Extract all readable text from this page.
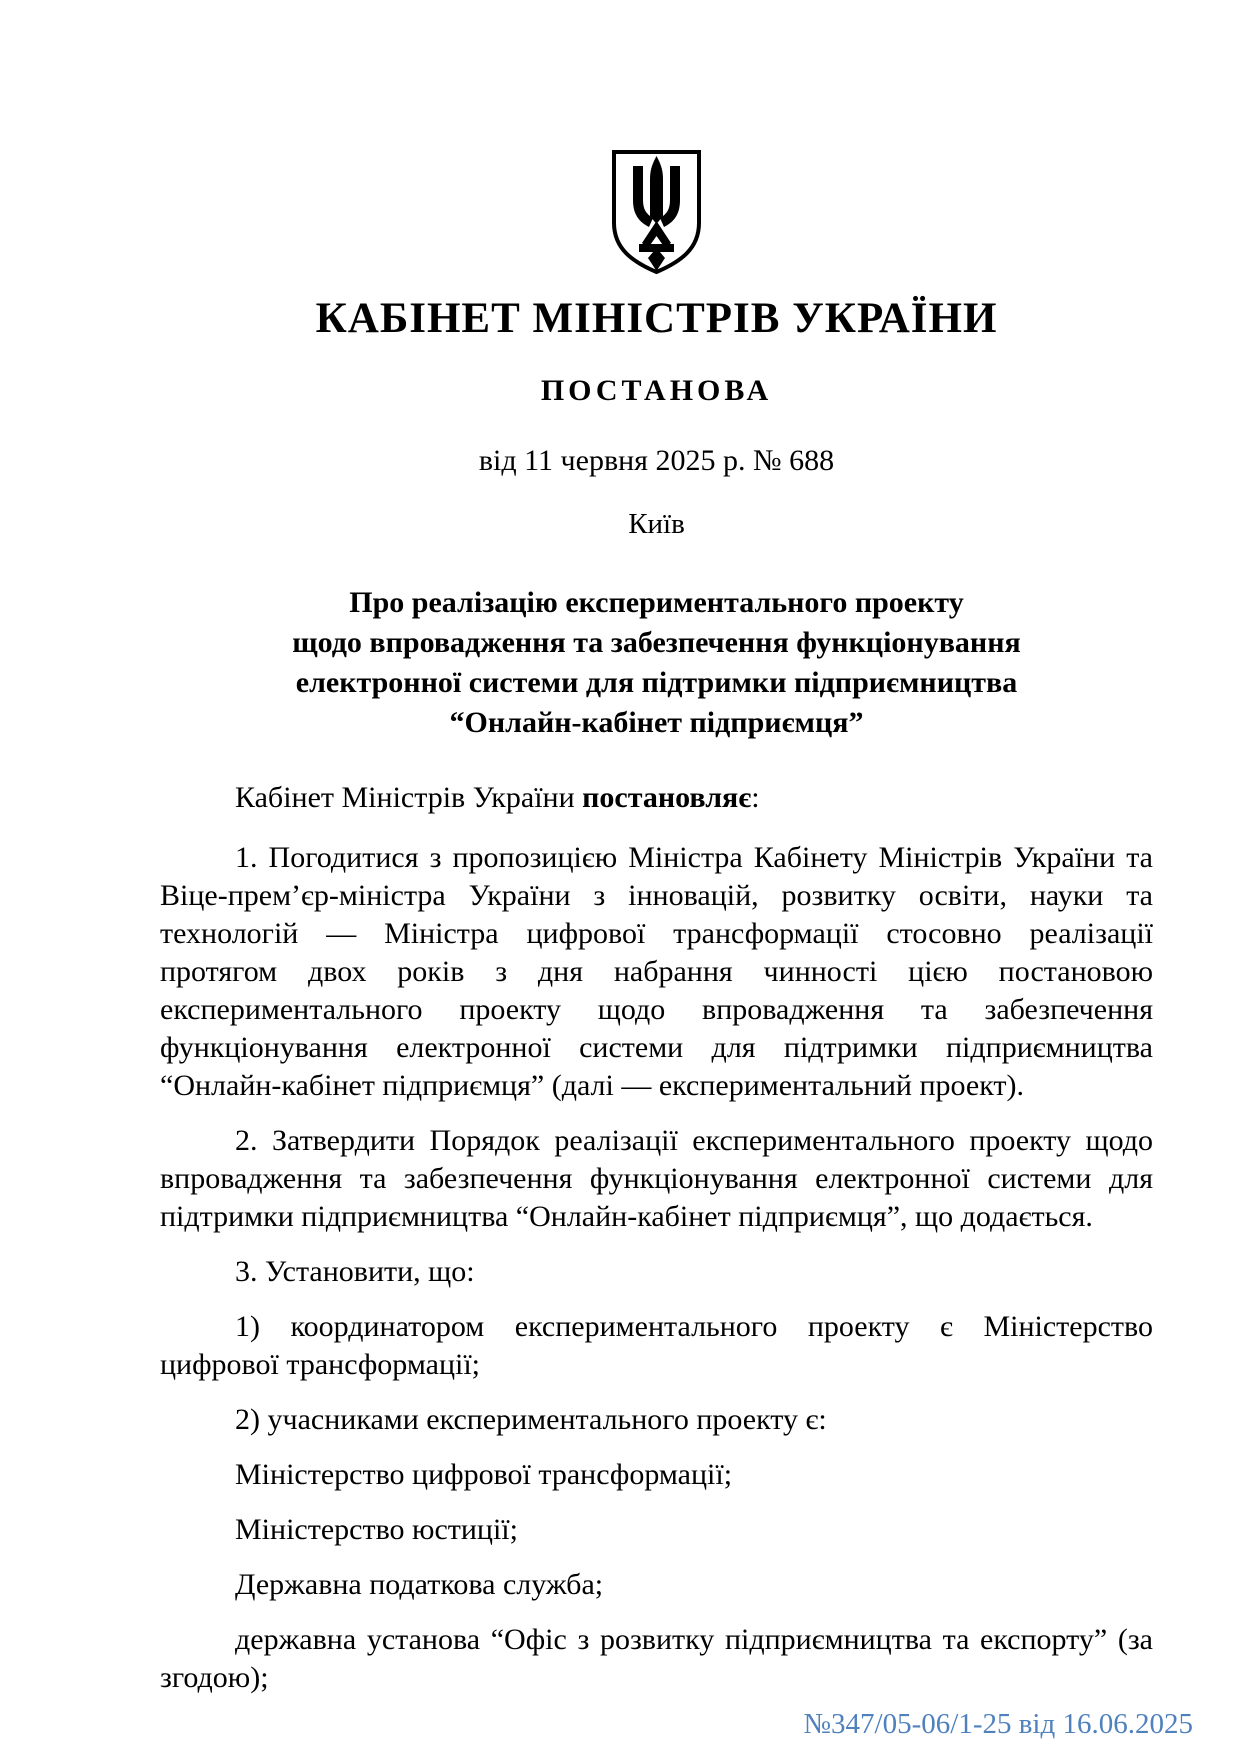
КАБІНЕТ МІНІСТРІВ УКРАЇНИ
ПОСТАНОВА
від 11 червня 2025 р. № 688
Київ
Про реалізацію експериментального проекту
щодо впровадження та забезпечення функціонування
електронної системи для підтримки підприємництва
“Онлайн-кабінет підприємця”

Кабінет Міністрів України постановляє:

1. Погодитися з пропозицією Міністра Кабінету Міністрів України та Віце-прем’єр-міністра України з інновацій, розвитку освіти, науки та технологій — Міністра цифрової трансформації стосовно реалізації протягом двох років з дня набрання чинності цією постановою експериментального проекту щодо впровадження та забезпечення функціонування електронної системи для підтримки підприємництва “Онлайн-кабінет підприємця” (далі — експериментальний проект).

2. Затвердити Порядок реалізації експериментального проекту щодо впровадження та забезпечення функціонування електронної системи для підтримки підприємництва “Онлайн-кабінет підприємця”, що додається.

3. Установити, що:

1) координатором експериментального проекту є Міністерство цифрової трансформації;

2) учасниками експериментального проекту є:

Міністерство цифрової трансформації;

Міністерство юстиції;

Державна податкова служба;

державна установа “Офіс з розвитку підприємництва та експорту” (за згодою);

№347/05-06/1-25 від 16.06.2025
